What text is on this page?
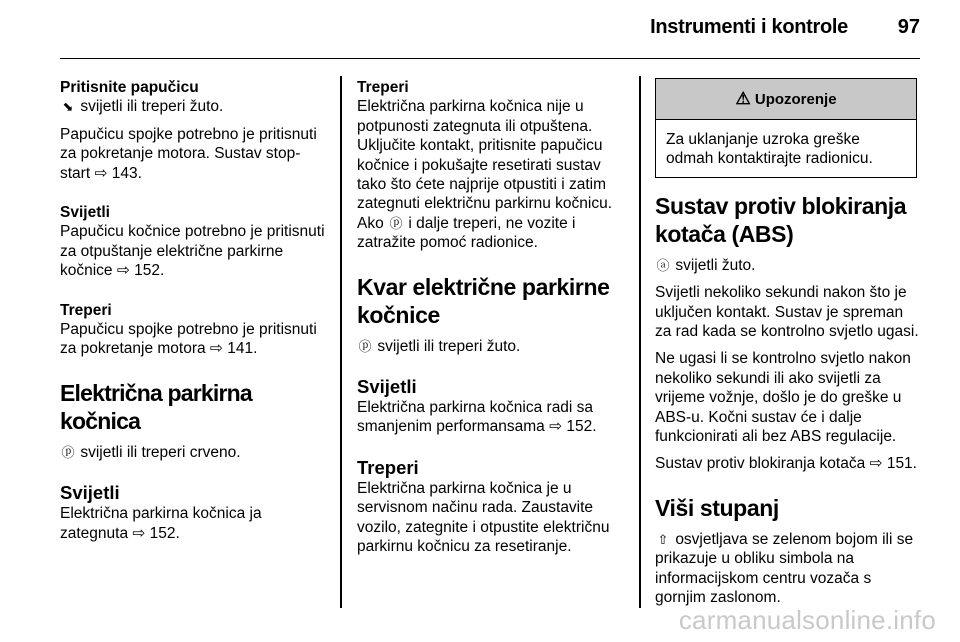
Instrumenti i kontrole 97
Pritisnite papučicu

⬊ svijetli ili treperi žuto.

Papučicu spojke potrebno je pritisnuti za pokretanje motora. Sustav stop-start ⇨ 143.

Svijetli

Papučicu kočnice potrebno je pritisnuti za otpuštanje električne parkirne kočnice ⇨ 152.

Treperi

Papučicu spojke potrebno je pritisnuti za pokretanje motora ⇨ 141.

Električna parkirna kočnica

ⓟ svijetli ili treperi crveno.

Svijetli

Električna parkirna kočnica ja zategnuta ⇨ 152.

Treperi

Električna parkirna kočnica nije u potpunosti zategnuta ili otpuštena. Uključite kontakt, pritisnite papučicu kočnice i pokušajte resetirati sustav tako što ćete najprije otpustiti i zatim zategnuti električnu parkirnu kočnicu. Ako ⓟ i dalje treperi, ne vozite i zatražite pomoć radionice.

Kvar električne parkirne kočnice

ⓟ svijetli ili treperi žuto.

Svijetli

Električna parkirna kočnica radi sa smanjenim performansama ⇨ 152.

Treperi

Električna parkirna kočnica je u servisnom načinu rada. Zaustavite vozilo, zategnite i otpustite električnu parkirnu kočnicu za resetiranje.

⚠ Upozorenje
Za uklanjanje uzroka greške odmah kontaktirajte radionicu.
Sustav protiv blokiranja kotača (ABS)

ⓐ svijetli žuto.

Svijetli nekoliko sekundi nakon što je uključen kontakt. Sustav je spreman za rad kada se kontrolno svjetlo ugasi.

Ne ugasi li se kontrolno svjetlo nakon nekoliko sekundi ili ako svijetli za vrijeme vožnje, došlo je do greške u ABS-u. Kočni sustav će i dalje funkcionirati ali bez ABS regulacije.

Sustav protiv blokiranja kotača ⇨ 151.

Viši stupanj

⇧ osvjetljava se zelenom bojom ili se prikazuje u obliku simbola na informacijskom centru vozača s gornjim zaslonom.

carmanualsonline.info
